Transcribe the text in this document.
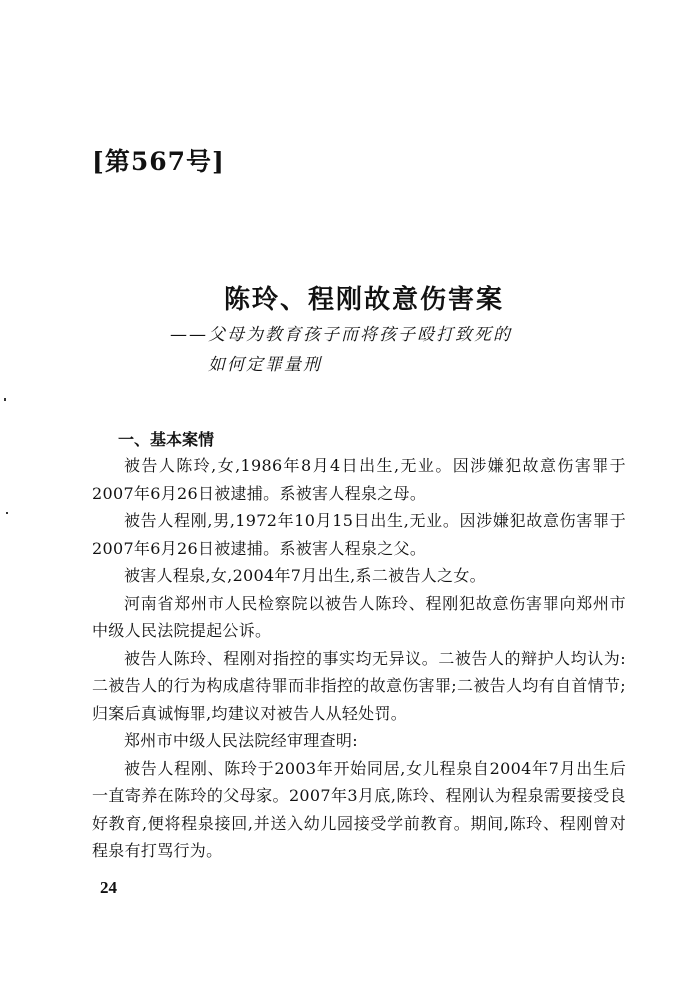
[第567号]
陈玲、程刚故意伤害案
——父母为教育孩子而将孩子殴打致死的
如何定罪量刑
一、基本案情

被告人陈玲,女,1986年8月4日出生,无业。因涉嫌犯故意伤害罪于2007年6月26日被逮捕。系被害人程泉之母。

被告人程刚,男,1972年10月15日出生,无业。因涉嫌犯故意伤害罪于2007年6月26日被逮捕。系被害人程泉之父。

被害人程泉,女,2004年7月出生,系二被告人之女。

河南省郑州市人民检察院以被告人陈玲、程刚犯故意伤害罪向郑州市中级人民法院提起公诉。

被告人陈玲、程刚对指控的事实均无异议。二被告人的辩护人均认为:二被告人的行为构成虐待罪而非指控的故意伤害罪;二被告人均有自首情节;归案后真诚悔罪,均建议对被告人从轻处罚。

郑州市中级人民法院经审理查明:

被告人程刚、陈玲于2003年开始同居,女儿程泉自2004年7月出生后一直寄养在陈玲的父母家。2007年3月底,陈玲、程刚认为程泉需要接受良好教育,便将程泉接回,并送入幼儿园接受学前教育。期间,陈玲、程刚曾对程泉有打骂行为。

24
